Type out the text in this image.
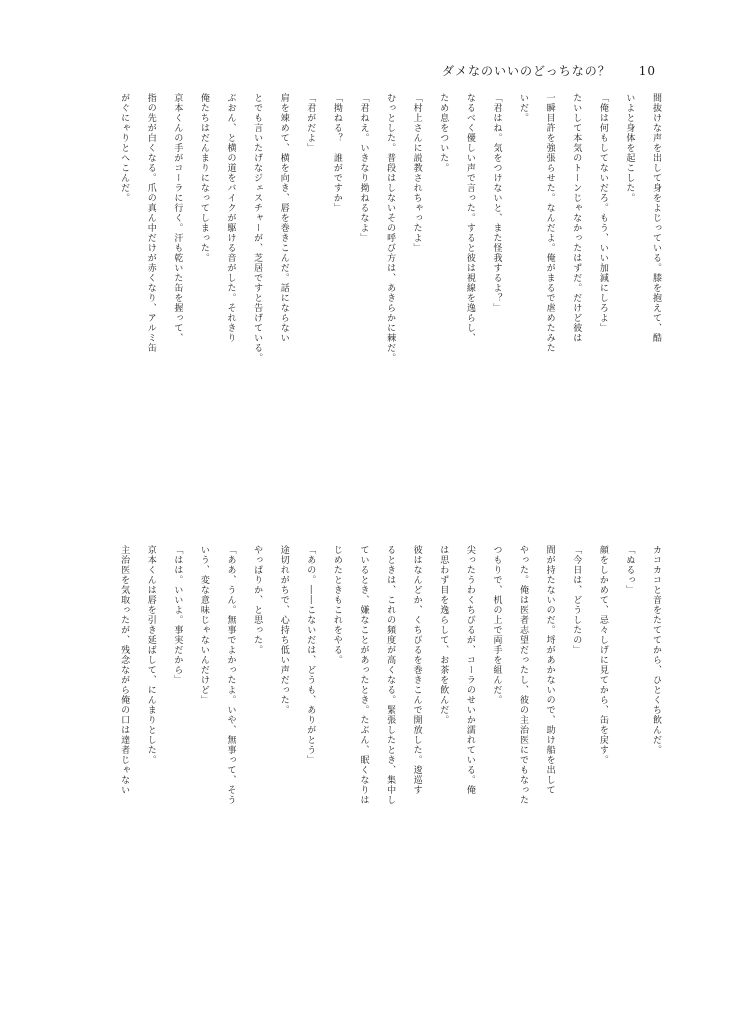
ダメなのいいのどっちなの？ 10
間抜けな声を出して身をよじっている。膝を抱えて、酷
いよと身体を起こした。
「俺は何もしてないだろ。もう、いい加減にしろよ」
たいして本気のトーンじゃなかったはずだ。だけど彼は
一瞬目許を強張らせた。なんだよ。俺がまるで虐めたみた
いだ。
「君はね。気をつけないと、また怪我するよ？」
なるべく優しい声で言った。すると彼は視線を逸らし、
ため息をついた。
「村上さんに説教されちゃったよ」
むっとした。普段はしないその呼び方は、あきらかに棘だ。
「君ねえ。いきなり拗ねるなよ」
「拗ねる？　誰がですか」
「君がだよ」
肩を竦めて、横を向き、唇を巻きこんだ。話にならない
とでも言いたげなジェスチャーが、芝居ですと告げている。
ぶおん、と横の道をバイクが駆ける音がした。それきり
俺たちはだんまりになってしまった。
京本くんの手がコーラに行く。汗も乾いた缶を握って、
指の先が白くなる。爪の真ん中だけが赤くなり、アルミ缶
がぐにゃりとへこんだ。
カコカコと音をたててから、ひとくち飲んだ。
「ぬるっ」
顔をしかめて、忌々しげに見てから、缶を戻す。
「今日は、どうしたの」
間が持たないのだ。埒があかないので、助け船を出して
やった。俺は医者志望だったし、彼の主治医にでもなった
つもりで、机の上で両手を組んだ。
尖ったうわくちびるが、コーラのせいか濡れている。俺
は思わず目を逸らして、お茶を飲んだ。
彼はなんどか、くちびるを巻きこんで開放した。逡巡す
るときは、これの頻度が高くなる。緊張したとき、集中し
ているとき、嫌なことがあったとき。たぶん、眠くなりは
じめたときもこれをやる。
「あの。――こないだは、どうも、ありがとう」
途切れがちで、心持ち低い声だった。
やっぱりか、と思った。
「ああ、うん。無事でよかったよ。いや、無事って、そう
いう、変な意味じゃないんだけど」
「はは。いいよ。事実だから」
京本くんは唇を引き延ばして、にんまりとした。
主治医を気取ったが、残念ながら俺の口は達者じゃない
